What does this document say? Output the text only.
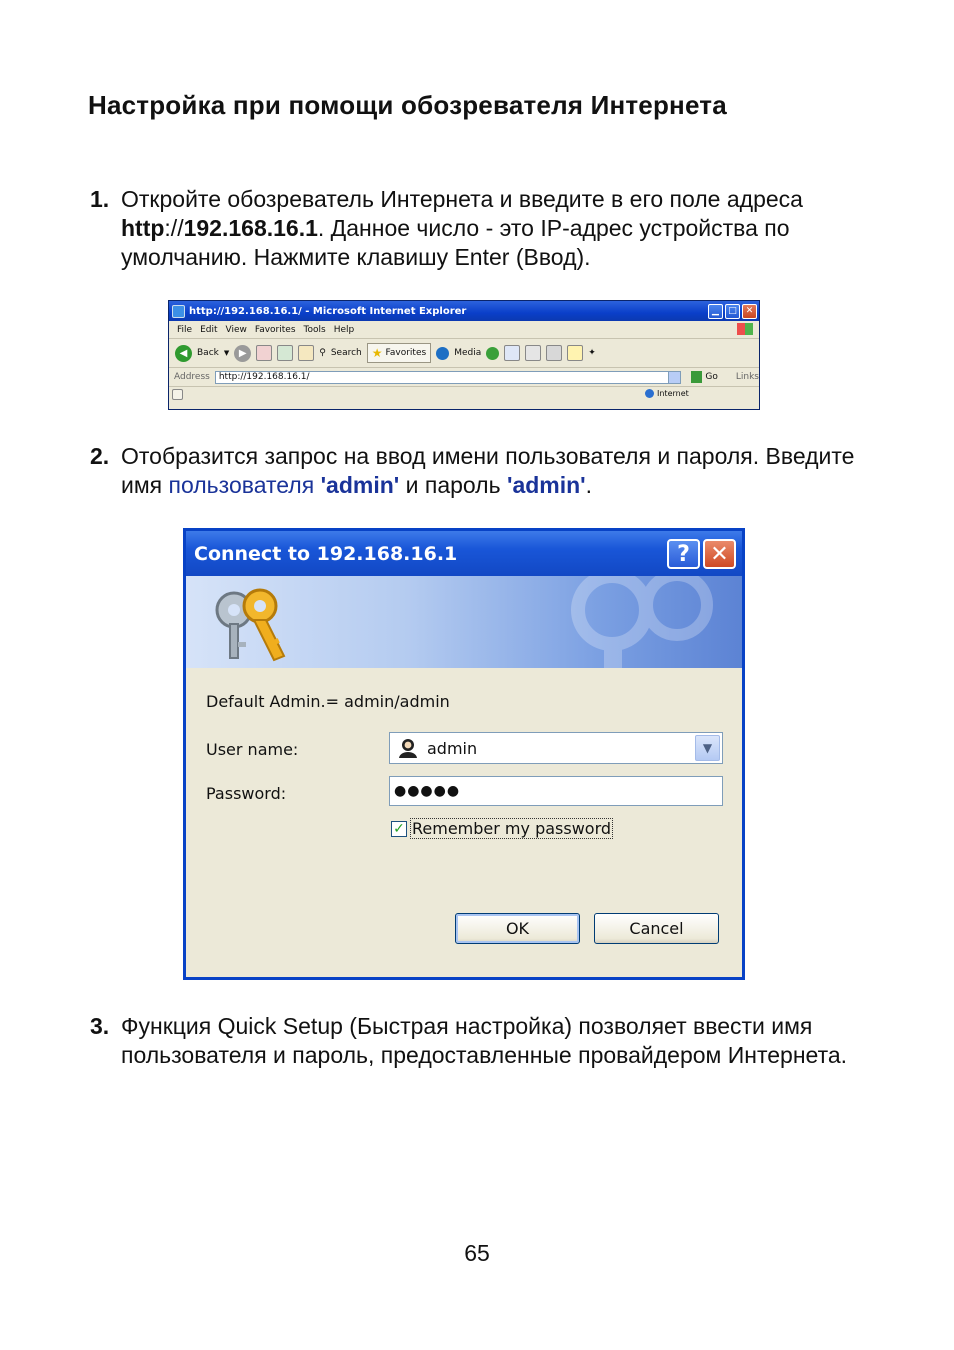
Настройка при помощи обозревателя Интернета
1. Откройте обозреватель Интернета и введите в его поле адреса http://192.168.16.1. Данное число - это IP-адрес устройства по умолчанию. Нажмите клавишу Enter (Ввод).
http://192.168.16.1/ - Microsoft Internet Explorer	▁	□ ✕
File Edit View Favorites Tools Help
◀	Back ▼ ▶	⚲ Search ★ Favorites	Media	✦
Address http://192.168.16.1/	Go Links
Internet
2. Отобразится запрос на ввод имени пользователя и пароля. Введите имя пользователя 'admin' и пароль 'admin'.
Connect to 192.168.16.1	? ✕
Default Admin.= admin/admin
User name:	admin	▼
Password:	●●●●●
✓ Remember my password
OK	Cancel
3. Функция Quick Setup (Быстрая настройка) позволяет ввести имя пользователя и пароль, предоставленные провайдером Интернета.
65
